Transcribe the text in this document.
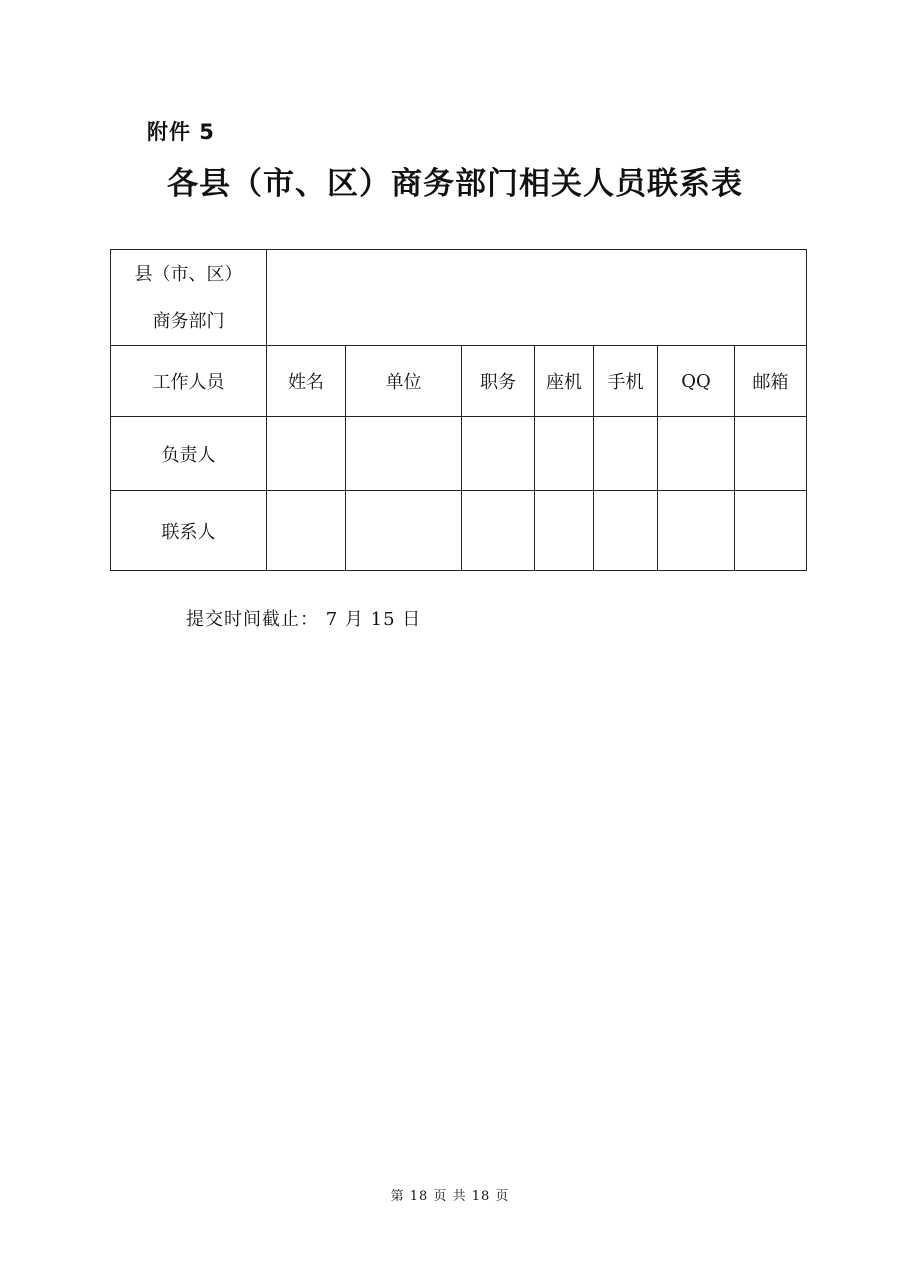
附件 5
各县（市、区）商务部门相关人员联系表
县（市、区）
商务部门							

工作人员	姓名	单位	职务	座机	手机	QQ	邮箱
负责人							
联系人							
提交时间截止： 7 月 15 日
第 18 页 共 18 页
